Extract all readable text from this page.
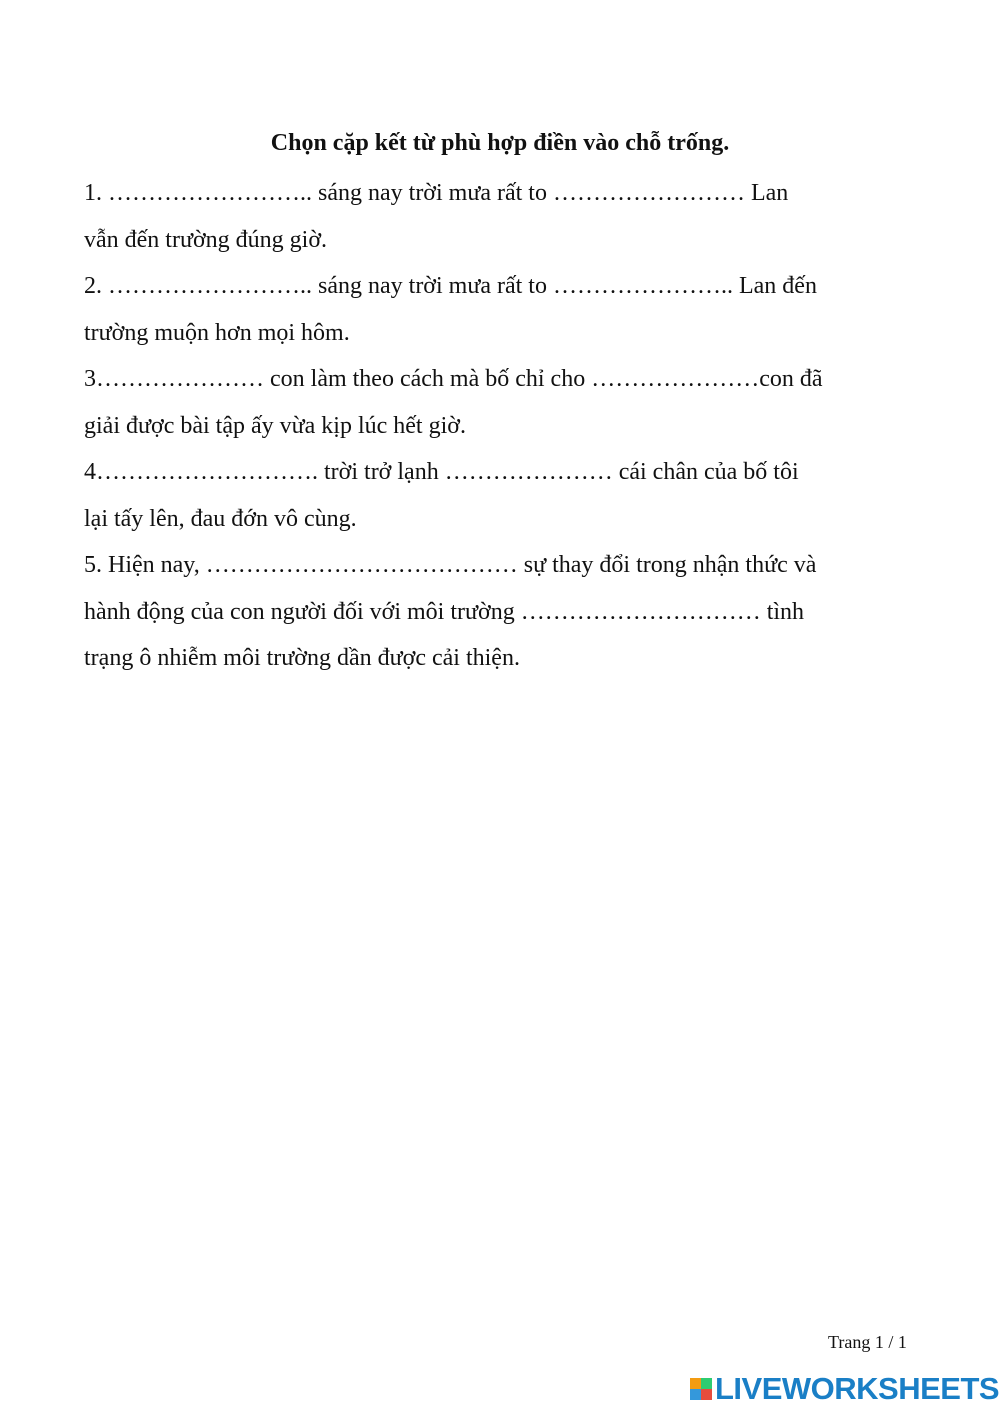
Chọn cặp kết từ phù hợp điền vào chỗ trống.
1. …………………….. sáng nay trời mưa rất to …………………… Lan
vẫn đến trường đúng giờ.
2. …………………….. sáng nay trời mưa rất to ………………….. Lan đến
trường muộn hơn mọi hôm.
3………………… con làm theo cách mà bố chỉ cho …………………con đã
giải được bài tập ấy vừa kịp lúc hết giờ.
4………………………. trời trở lạnh ………………… cái chân của bố tôi
lại tấy lên, đau đớn vô cùng.
5. Hiện nay, ………………………………… sự thay đổi trong nhận thức và
hành động của con người đối với môi trường ………………………… tình
trạng ô nhiễm môi trường dần được cải thiện.
Trang 1 / 1
LIVEWORKSHEETS
